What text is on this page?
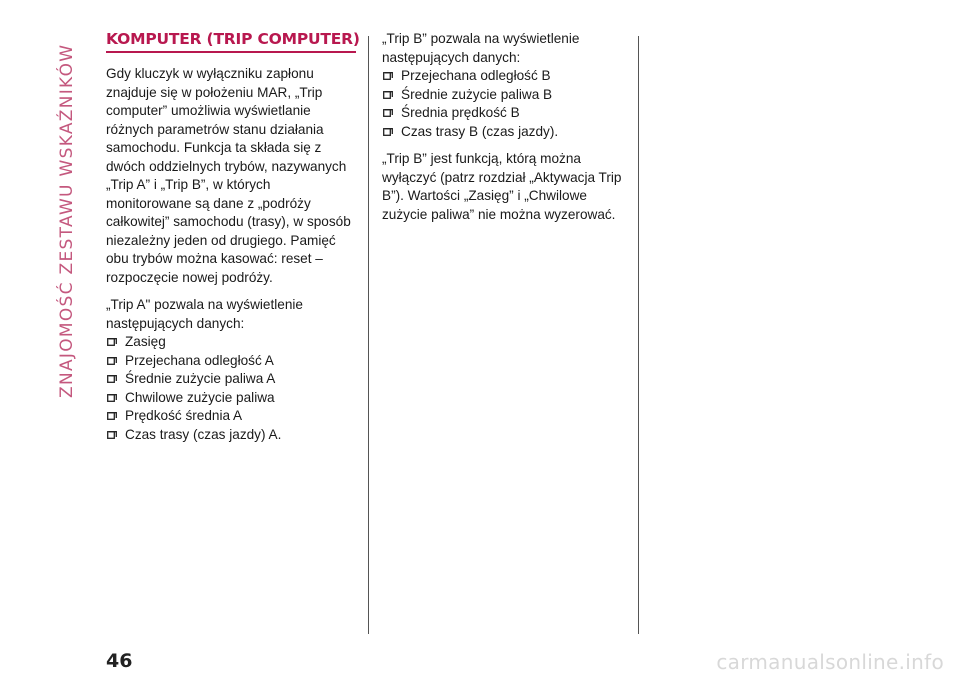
ZNAJOMOŚĆ ZESTAWU WSKAŹNIKÓW
KOMPUTER (TRIP COMPUTER)

Gdy kluczyk w wyłączniku zapłonu znajduje się w położeniu MAR, „Trip computer” umożliwia wyświetlanie różnych parametrów stanu działania samochodu. Funkcja ta składa się z dwóch oddzielnych trybów, nazywanych „Trip A” i „Trip B”, w których monitorowane są dane z „podróży całkowitej” samochodu (trasy), w sposób niezależny jeden od drugiego. Pamięć obu trybów można kasować: reset – rozpoczęcie nowej podróży.

„Trip A" pozwala na wyświetlenie następujących danych:

Zasięg
Przejechana odległość A
Średnie zużycie paliwa A
Chwilowe zużycie paliwa
Prędkość średnia A
Czas trasy (czas jazdy) A.

„Trip B” pozwala na wyświetlenie następujących danych:

Przejechana odległość B
Średnie zużycie paliwa B
Średnia prędkość B
Czas trasy B (czas jazdy).

„Trip B” jest funkcją, którą można wyłączyć (patrz rozdział „Aktywacja Trip B”). Wartości „Zasięg” i „Chwilowe zużycie paliwa” nie można wyzerować.

46	carmanualsonline.info
